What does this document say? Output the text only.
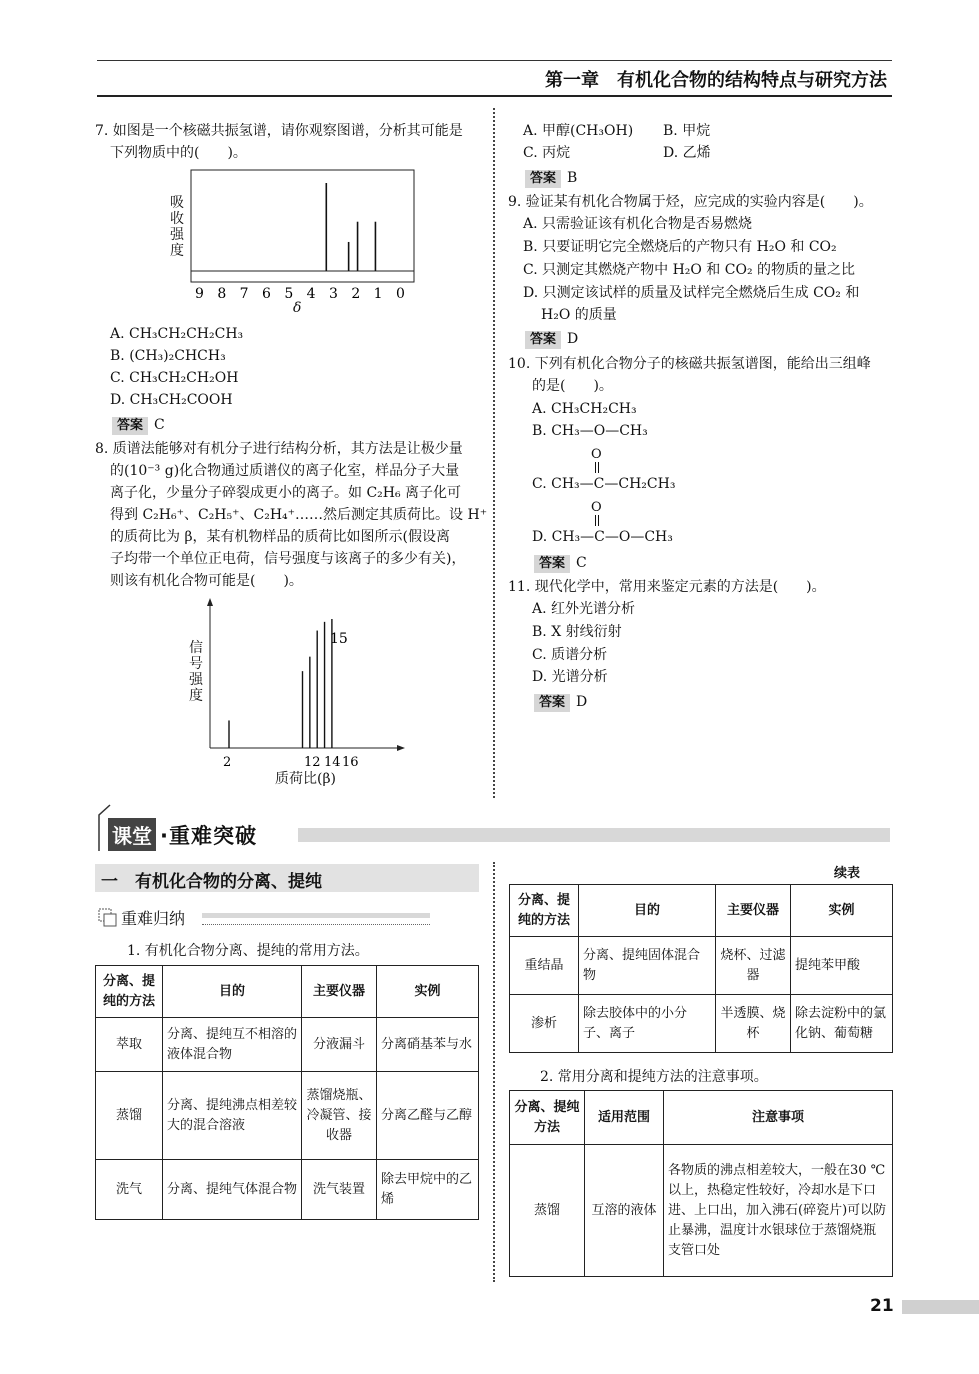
第一章　有机化合物的结构特点与研究方法
7. 如图是一个核磁共振氢谱，请你观察图谱，分析其可能是
下列物质中的(　　)。
9 8 7 6 5 4 3 2 1 0
吸收强度
δ
A. CH₃CH₂CH₂CH₃
B. (CH₃)₂CHCH₃
C. CH₃CH₂CH₂OH
D. CH₃CH₂COOH
答案 C
8. 质谱法能够对有机分子进行结构分析，其方法是让极少量
的(10⁻³ g)化合物通过质谱仪的离子化室，样品分子大量
离子化，少量分子碎裂成更小的离子。如 C₂H₆ 离子化可
得到 C₂H₆⁺、C₂H₅⁺、C₂H₄⁺……然后测定其质荷比。设 H⁺
的质荷比为 β，某有机物样品的质荷比如图所示(假设离
子均带一个单位正电荷，信号强度与该离子的多少有关)，
则该有机化合物可能是(　　)。
15
2	12 14 16
信号强度
质荷比(β)
A. 甲醇(CH₃OH) B. 甲烷
C. 丙烷	D. 乙烯
答案 B
9. 验证某有机化合物属于烃，应完成的实验内容是(　　)。
A. 只需验证该有机化合物是否易燃烧
B. 只要证明它完全燃烧后的产物只有 H₂O 和 CO₂
C. 只测定其燃烧产物中 H₂O 和 CO₂ 的物质的量之比
D. 只测定该试样的质量及试样完全燃烧后生成 CO₂ 和
H₂O 的质量
答案 D
10. 下列有机化合物分子的核磁共振氢谱图，能给出三组峰
的是(　　)。
A. CH₃CH₂CH₃
B. CH₃—O—CH₃
O
C. CH₃—C—CH₂CH₃
O
D. CH₃—C—O—CH₃
答案 C
11. 现代化学中，常用来鉴定元素的方法是(　　)。
A. 红外光谱分析
B. X 射线衍射
C. 质谱分析
D. 光谱分析
答案 D
课堂 ·重难突破
一　有机化合物的分离、提纯
重难归纳
1. 有机化合物分离、提纯的常用方法。
分离、提纯的方法	目的	主要仪器	实例
萃取	分离、提纯互不相溶的液体混合物	分液漏斗	分离硝基苯与水
蒸馏	分离、提纯沸点相差较大的混合溶液	蒸馏烧瓶、冷凝管、接收器	分离乙醛与乙醇
洗气	分离、提纯气体混合物	洗气装置	除去甲烷中的乙烯
续表
分离、提纯的方法	目的	主要仪器	实例
重结晶	分离、提纯固体混合物	烧杯、过滤器	提纯苯甲酸
渗析	除去胶体中的小分子、离子	半透膜、烧杯	除去淀粉中的氯化钠、葡萄糖
2. 常用分离和提纯方法的注意事项。
分离、提纯方法	适用范围	注意事项
蒸馏	互溶的液体	各物质的沸点相差较大，一般在30 ℃以上，热稳定性较好，冷却水是下口进、上口出，加入沸石(碎瓷片)可以防止暴沸，温度计水银球位于蒸馏烧瓶支管口处
21
